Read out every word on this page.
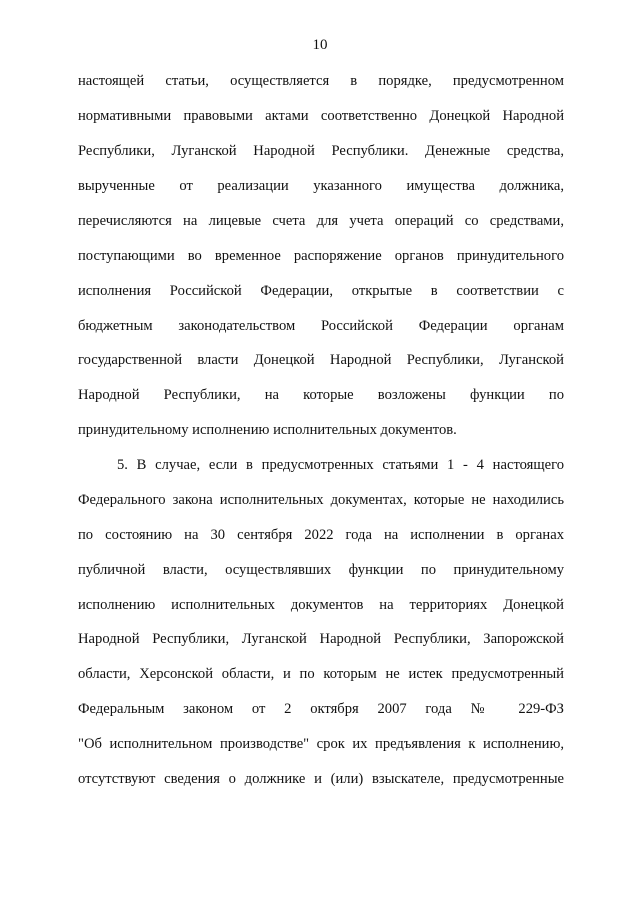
10
настоящей статьи, осуществляется в порядке, предусмотренном
нормативными правовыми актами соответственно Донецкой Народной
Республики, Луганской Народной Республики. Денежные средства,
вырученные от реализации указанного имущества должника,
перечисляются на лицевые счета для учета операций со средствами,
поступающими во временное распоряжение органов принудительного
исполнения Российской Федерации, открытые в соответствии с
бюджетным законодательством Российской Федерации органам
государственной власти Донецкой Народной Республики, Луганской
Народной Республики, на которые возложены функции по
принудительному исполнению исполнительных документов.
5. В случае, если в предусмотренных статьями 1 - 4 настоящего
Федерального закона исполнительных документах, которые не находились
по состоянию на 30 сентября 2022 года на исполнении в органах
публичной власти, осуществлявших функции по принудительному
исполнению исполнительных документов на территориях Донецкой
Народной Республики, Луганской Народной Республики, Запорожской
области, Херсонской области, и по которым не истек предусмотренный
Федеральным законом от 2 октября 2007 года № 229-ФЗ
"Об исполнительном производстве" срок их предъявления к исполнению,
отсутствуют сведения о должнике и (или) взыскателе, предусмотренные
